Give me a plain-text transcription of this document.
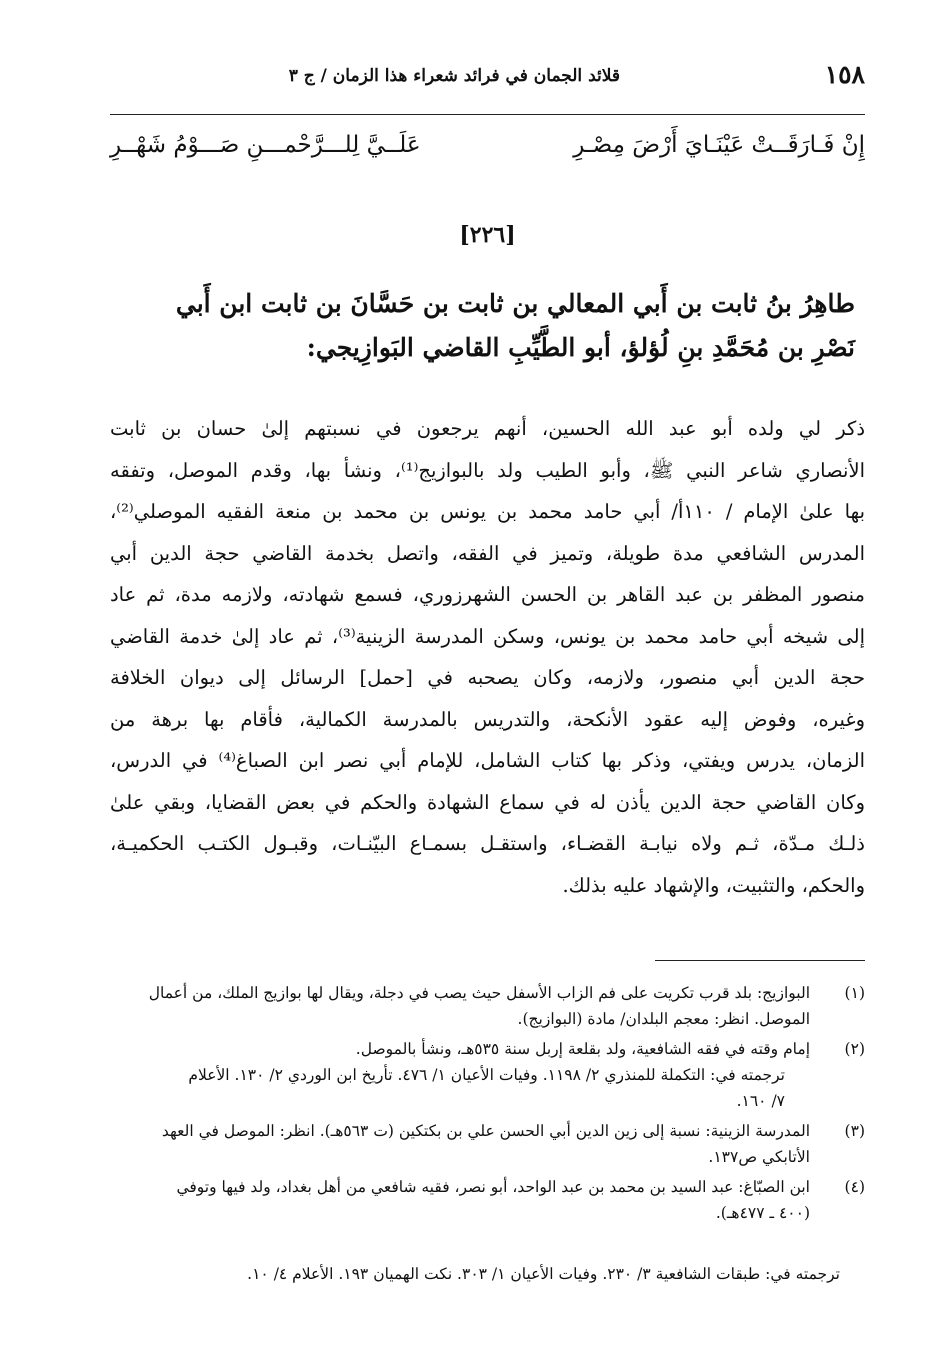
١٥٨
قلائد الجمان في فرائد شعراء هذا الزمان / ج ٣
إِنْ فَـارَقَــتْ عَيْنَـايَ أَرْضَ مِصْـرِ
عَلَــيَّ لِلـــرَّحْمـــنِ صَـــوْمُ شَهْــرِ
[٢٢٦]
طاهِرُ بنُ ثابت بن أَبي المعالي بن ثابت بن حَسَّانَ بن ثابت ابن أَبي
نَصْرِ بن مُحَمَّدِ بنِ لُؤلؤ، أبو الطَّيِّبِ القاضي البَوازِيجي:
ذكر لي ولده أبو عبد الله الحسين، أنهم يرجعون في نسبتهم إلىٰ حسان بن ثابت
الأنصاري شاعر النبي ﷺ، وأبو الطيب ولد بالبوازيج⁽¹⁾، ونشأ بها، وقدم الموصل، وتفقه
بها علىٰ الإمام / ١١٠أ/ أبي حامد محمد بن يونس بن محمد بن منعة الفقيه الموصلي⁽²⁾،
المدرس الشافعي مدة طويلة، وتميز في الفقه، واتصل بخدمة القاضي حجة الدين أبي
منصور المظفر بن عبد القاهر بن الحسن الشهرزوري، فسمع شهادته، ولازمه مدة، ثم عاد
إلى شيخه أبي حامد محمد بن يونس، وسكن المدرسة الزينية⁽³⁾، ثم عاد إلىٰ خدمة القاضي
حجة الدين أبي منصور، ولازمه، وكان يصحبه في [حمل] الرسائل إلى ديوان الخلافة
وغيره، وفوض إليه عقود الأنكحة، والتدريس بالمدرسة الكمالية، فأقام بها برهة من
الزمان، يدرس ويفتي، وذكر بها كتاب الشامل، للإمام أبي نصر ابن الصباغ⁽⁴⁾ في الدرس،
وكان القاضي حجة الدين يأذن له في سماع الشهادة والحكم في بعض القضايا، وبقي علىٰ
ذلـك مـدّة، ثـم ولاه نيابـة القضـاء، واستقـل بسمـاع البيّنـات، وقبـول الكتـب الحكميـة،
والحكم، والتثبيت، والإشهاد عليه بذلك.
(١)
البوازيج: بلد قرب تكريت على فم الزاب الأسفل حيث يصب في دجلة، ويقال لها بوازيج الملك، من أعمال
الموصل. انظر: معجم البلدان/ مادة (البوازيج).
(٢)
إمام وقته في فقه الشافعية، ولد بقلعة إربل سنة ٥٣٥هـ، ونشأ بالموصل.
ترجمته في: التكملة للمنذري ٢/ ١١٩٨. وفيات الأعيان ١/ ٤٧٦. تأريخ ابن الوردي ٢/ ١٣٠. الأعلام
٧/ ١٦٠.
(٣)
المدرسة الزينية: نسبة إلى زين الدين أبي الحسن علي بن بكتكين (ت ٥٦٣هـ). انظر: الموصل في العهد
الأتابكي ص١٣٧.
(٤)
ابن الصبّاغ: عبد السيد بن محمد بن عبد الواحد، أبو نصر، فقيه شافعي من أهل بغداد، ولد فيها وتوفي
(٤٠٠ ـ ٤٧٧هـ).
ترجمته في: طبقات الشافعية ٣/ ٢٣٠. وفيات الأعيان ١/ ٣٠٣. نكت الهميان ١٩٣. الأعلام ٤/ ١٠.
